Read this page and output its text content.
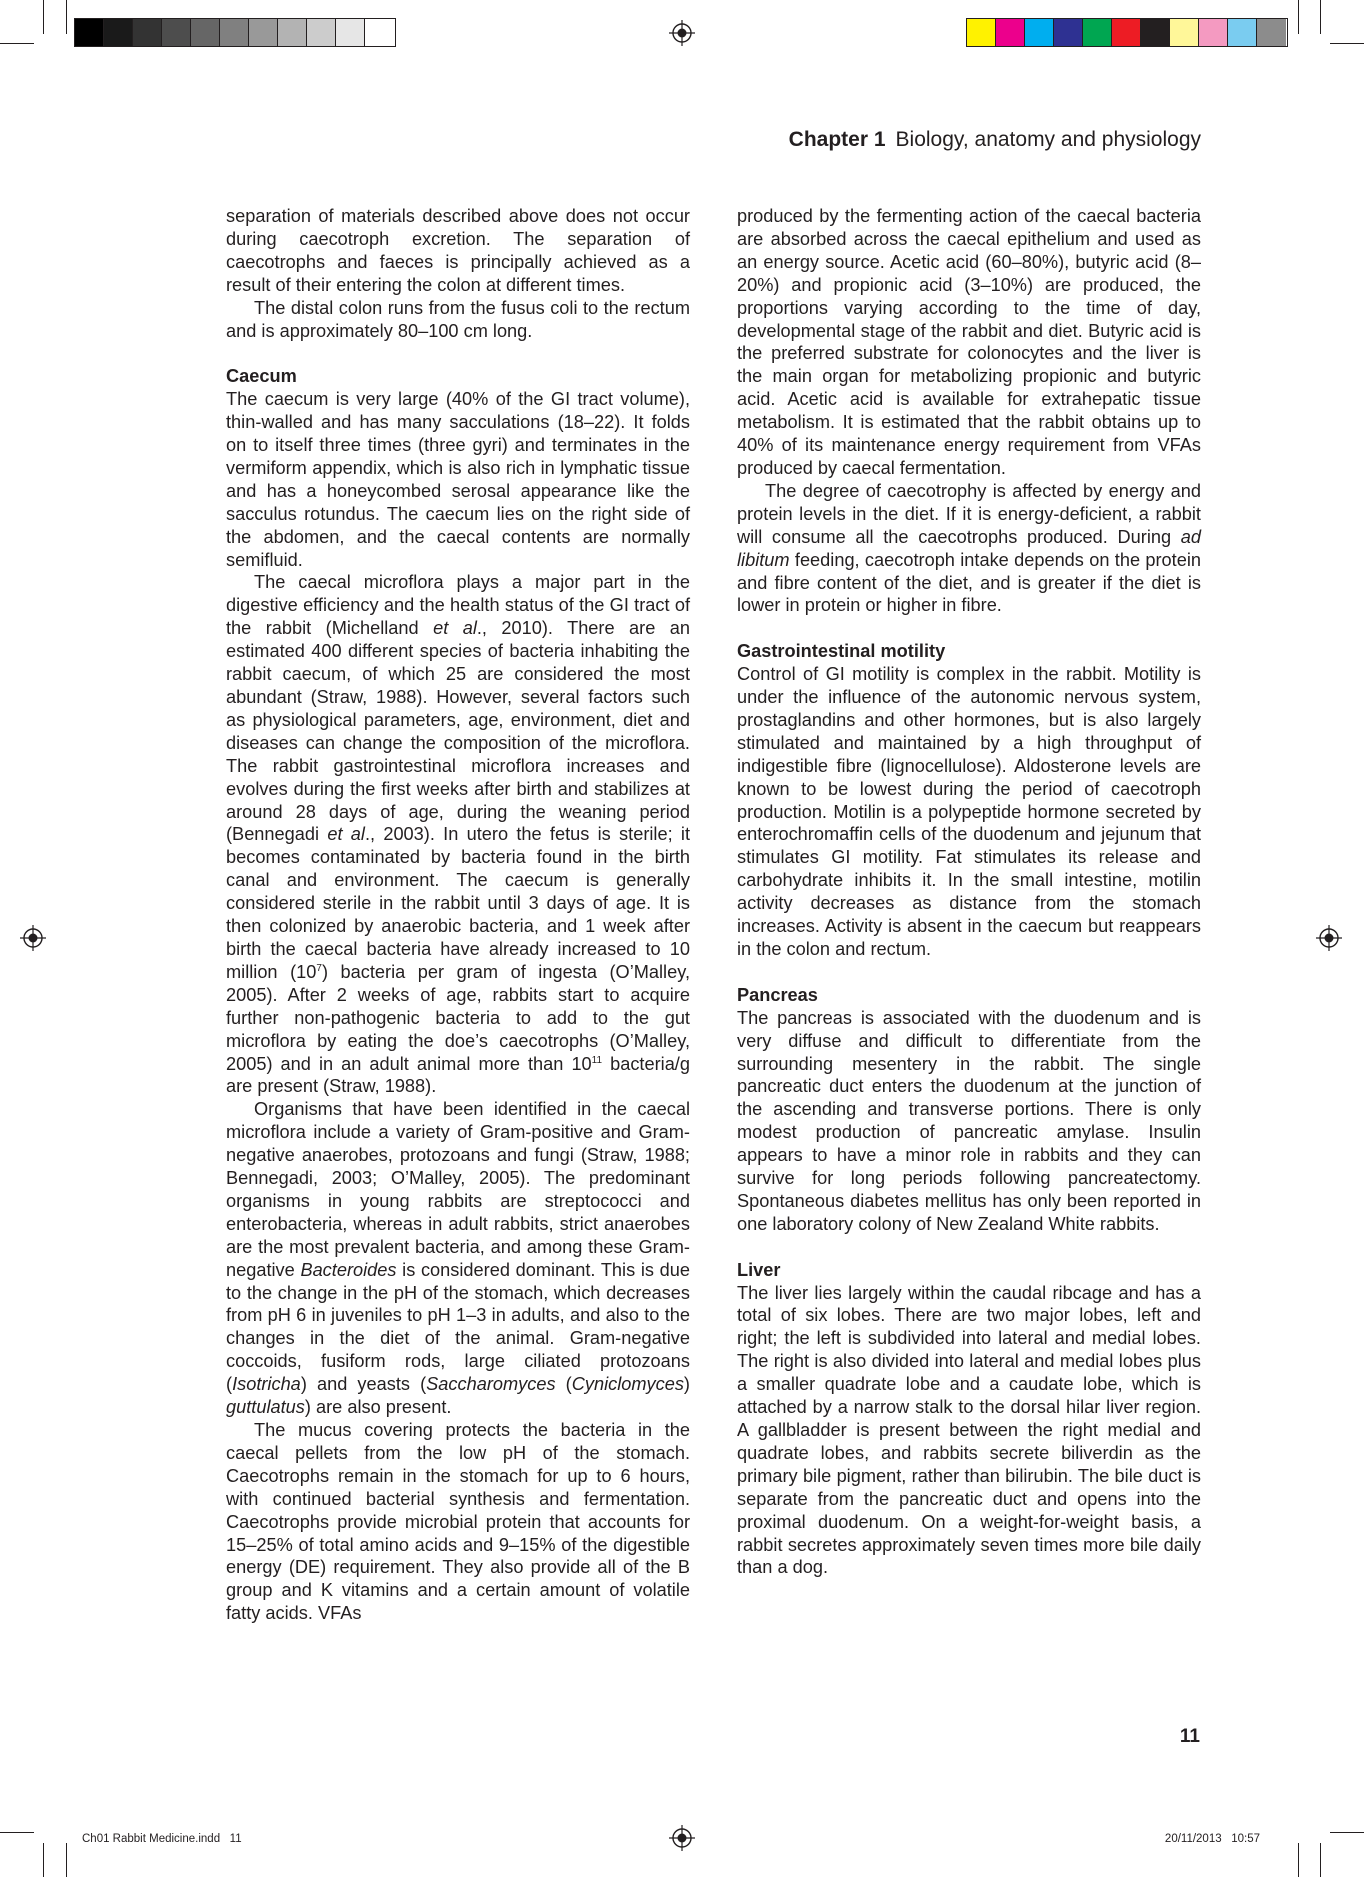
Chapter 1 Biology, anatomy and physiology

separation of materials described above does not occur during caecotroph excretion. The separation of caecotrophs and faeces is principally achieved as a result of their entering the colon at different times.

The distal colon runs from the fusus coli to the rectum and is approximately 80–100 cm long.

Caecum

The caecum is very large (40% of the GI tract volume), thin-walled and has many sacculations (18–22). It folds on to itself three times (three gyri) and terminates in the vermiform appendix, which is also rich in lymphatic tissue and has a honeycombed serosal appearance like the sacculus rotundus. The caecum lies on the right side of the abdomen, and the caecal contents are normally semifluid.

The caecal microflora plays a major part in the digestive efficiency and the health status of the GI tract of the rabbit (Michelland et al., 2010). There are an estimated 400 different species of bacteria inhabiting the rabbit caecum, of which 25 are considered the most abundant (Straw, 1988). However, several factors such as physiological parameters, age, environment, diet and diseases can change the composition of the microflora. The rabbit gastrointestinal microflora increases and evolves during the first weeks after birth and stabilizes at around 28 days of age, during the weaning period (Bennegadi et al., 2003). In utero the fetus is sterile; it becomes contaminated by bacteria found in the birth canal and environment. The caecum is generally considered sterile in the rabbit until 3 days of age. It is then colonized by anaerobic bacteria, and 1 week after birth the caecal bacteria have already increased to 10 million $(10^7)$ bacteria per gram of ingesta (O’Malley, 2005). After 2 weeks of age, rabbits start to acquire further non-pathogenic bacteria to add to the gut microflora by eating the doe’s caecotrophs (O’Malley, 2005) and in an adult animal more than $10^{11}$ bacteria/g are present (Straw, 1988).

Organisms that have been identified in the caecal microflora include a variety of Gram-positive and Gram-negative anaerobes, protozoans and fungi (Straw, 1988; Bennegadi, 2003; O’Malley, 2005). The predominant organisms in young rabbits are streptococci and enterobacteria, whereas in adult rabbits, strict anaerobes are the most prevalent bacteria, and among these Gram-negative Bacteroides is considered dominant. This is due to the change in the pH of the stomach, which decreases from pH 6 in juveniles to pH 1–3 in adults, and also to the changes in the diet of the animal. Gram-negative coccoids, fusiform rods, large ciliated protozoans (Isotricha) and yeasts (Saccharomyces (Cyniclomyces) guttulatus) are also present.

The mucus covering protects the bacteria in the caecal pellets from the low pH of the stomach. Caecotrophs remain in the stomach for up to 6 hours, with continued bacterial synthesis and fermentation. Caecotrophs provide microbial protein that accounts for 15–25% of total amino acids and 9–15% of the digestible energy (DE) requirement. They also provide all of the B group and K vitamins and a certain amount of volatile fatty acids. VFAs

produced by the fermenting action of the caecal bacteria are absorbed across the caecal epithelium and used as an energy source. Acetic acid (60–80%), butyric acid (8–20%) and propionic acid (3–10%) are produced, the proportions varying according to the time of day, developmental stage of the rabbit and diet. Butyric acid is the preferred substrate for colonocytes and the liver is the main organ for metabolizing propionic and butyric acid. Acetic acid is available for extrahepatic tissue metabolism. It is estimated that the rabbit obtains up to 40% of its maintenance energy requirement from VFAs produced by caecal fermentation.

The degree of caecotrophy is affected by energy and protein levels in the diet. If it is energy-deficient, a rabbit will consume all the caecotrophs produced. During ad libitum feeding, caecotroph intake depends on the protein and fibre content of the diet, and is greater if the diet is lower in protein or higher in fibre.

Gastrointestinal motility

Control of GI motility is complex in the rabbit. Motility is under the influence of the autonomic nervous system, prostaglandins and other hormones, but is also largely stimulated and maintained by a high throughput of indigestible fibre (lignocellulose). Aldosterone levels are known to be lowest during the period of caecotroph production. Motilin is a polypeptide hormone secreted by enterochromaffin cells of the duodenum and jejunum that stimulates GI motility. Fat stimulates its release and carbohydrate inhibits it. In the small intestine, motilin activity decreases as distance from the stomach increases. Activity is absent in the caecum but reappears in the colon and rectum.

Pancreas

The pancreas is associated with the duodenum and is very diffuse and difficult to differentiate from the surrounding mesentery in the rabbit. The single pancreatic duct enters the duodenum at the junction of the ascending and transverse portions. There is only modest production of pancreatic amylase. Insulin appears to have a minor role in rabbits and they can survive for long periods following pancreatectomy. Spontaneous diabetes mellitus has only been reported in one laboratory colony of New Zealand White rabbits.

Liver

The liver lies largely within the caudal ribcage and has a total of six lobes. There are two major lobes, left and right; the left is subdivided into lateral and medial lobes. The right is also divided into lateral and medial lobes plus a smaller quadrate lobe and a caudate lobe, which is attached by a narrow stalk to the dorsal hilar liver region. A gallbladder is present between the right medial and quadrate lobes, and rabbits secrete biliverdin as the primary bile pigment, rather than bilirubin. The bile duct is separate from the pancreatic duct and opens into the proximal duodenum. On a weight-for-weight basis, a rabbit secretes approximately seven times more bile daily than a dog.

11
Ch01 Rabbit Medicine.indd   11	20/11/2013   10:57
